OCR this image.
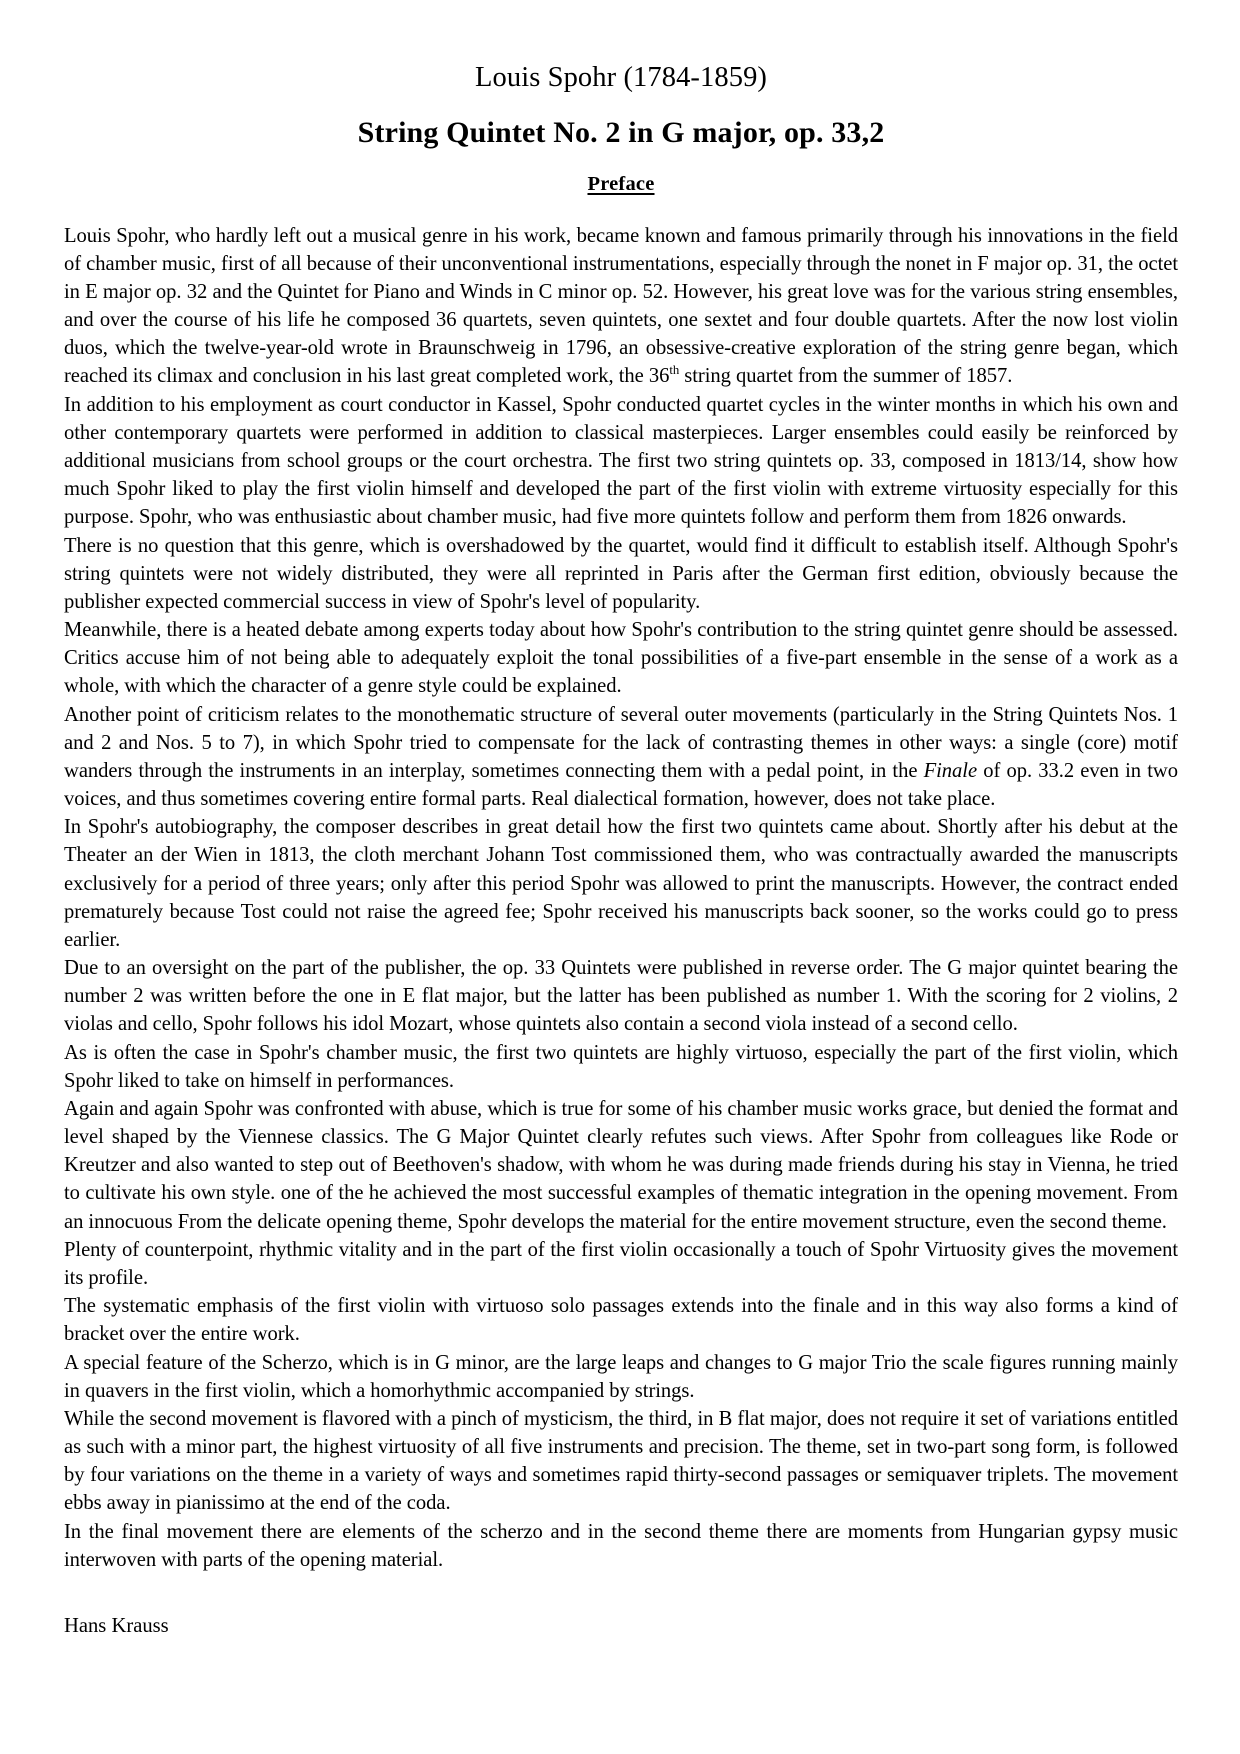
Louis Spohr (1784-1859)
String Quintet No. 2 in G major, op. 33,2
Preface

Louis Spohr, who hardly left out a musical genre in his work, became known and famous primarily through his innovations in the field of chamber music, first of all because of their unconventional instrumentations, especially through the nonet in F major op. 31, the octet in E major op. 32 and the Quintet for Piano and Winds in C minor op. 52. However, his great love was for the various string ensembles, and over the course of his life he composed 36 quartets, seven quintets, one sextet and four double quartets. After the now lost violin duos, which the twelve-year-old wrote in Braunschweig in 1796, an obsessive-creative exploration of the string genre began, which reached its climax and conclusion in his last great completed work, the 36th string quartet from the summer of 1857.

In addition to his employment as court conductor in Kassel, Spohr conducted quartet cycles in the winter months in which his own and other contemporary quartets were performed in addition to classical masterpieces. Larger ensembles could easily be reinforced by additional musicians from school groups or the court orchestra. The first two string quintets op. 33, composed in 1813/14, show how much Spohr liked to play the first violin himself and developed the part of the first violin with extreme virtuosity especially for this purpose. Spohr, who was enthusiastic about chamber music, had five more quintets follow and perform them from 1826 onwards.

There is no question that this genre, which is overshadowed by the quartet, would find it difficult to establish itself. Although Spohr's string quintets were not widely distributed, they were all reprinted in Paris after the German first edition, obviously because the publisher expected commercial success in view of Spohr's level of popularity.

Meanwhile, there is a heated debate among experts today about how Spohr's contribution to the string quintet genre should be assessed. Critics accuse him of not being able to adequately exploit the tonal possibilities of a five-part ensemble in the sense of a work as a whole, with which the character of a genre style could be explained.

Another point of criticism relates to the monothematic structure of several outer movements (particularly in the String Quintets Nos. 1 and 2 and Nos. 5 to 7), in which Spohr tried to compensate for the lack of contrasting themes in other ways: a single (core) motif wanders through the instruments in an interplay, sometimes connecting them with a pedal point, in the Finale of op. 33.2 even in two voices, and thus sometimes covering entire formal parts. Real dialectical formation, however, does not take place.

In Spohr's autobiography, the composer describes in great detail how the first two quintets came about. Shortly after his debut at the Theater an der Wien in 1813, the cloth merchant Johann Tost commissioned them, who was contractually awarded the manuscripts exclusively for a period of three years; only after this period Spohr was allowed to print the manuscripts. However, the contract ended prematurely because Tost could not raise the agreed fee; Spohr received his manuscripts back sooner, so the works could go to press earlier.

Due to an oversight on the part of the publisher, the op. 33 Quintets were published in reverse order. The G major quintet bearing the number 2 was written before the one in E flat major, but the latter has been published as number 1. With the scoring for 2 violins, 2 violas and cello, Spohr follows his idol Mozart, whose quintets also contain a second viola instead of a second cello.

As is often the case in Spohr's chamber music, the first two quintets are highly virtuoso, especially the part of the first violin, which Spohr liked to take on himself in performances.

Again and again Spohr was confronted with abuse, which is true for some of his chamber music works grace, but denied the format and level shaped by the Viennese classics. The G Major Quintet clearly refutes such views. After Spohr from colleagues like Rode or Kreutzer and also wanted to step out of Beethoven's shadow, with whom he was during made friends during his stay in Vienna, he tried to cultivate his own style. one of the he achieved the most successful examples of thematic integration in the opening movement. From an innocuous From the delicate opening theme, Spohr develops the material for the entire movement structure, even the second theme.

Plenty of counterpoint, rhythmic vitality and in the part of the first violin occasionally a touch of Spohr Virtuosity gives the movement its profile.

The systematic emphasis of the first violin with virtuoso solo passages extends into the finale and in this way also forms a kind of bracket over the entire work.

A special feature of the Scherzo, which is in G minor, are the large leaps and changes to G major Trio the scale figures running mainly in quavers in the first violin, which a homorhythmic accompanied by strings.

While the second movement is flavored with a pinch of mysticism, the third, in B flat major, does not require it set of variations entitled as such with a minor part, the highest virtuosity of all five instruments and precision. The theme, set in two-part song form, is followed by four variations on the theme in a variety of ways and sometimes rapid thirty-second passages or semiquaver triplets. The movement ebbs away in pianissimo at the end of the coda.

In the final movement there are elements of the scherzo and in the second theme there are moments from Hungarian gypsy music interwoven with parts of the opening material.

Hans Krauss
